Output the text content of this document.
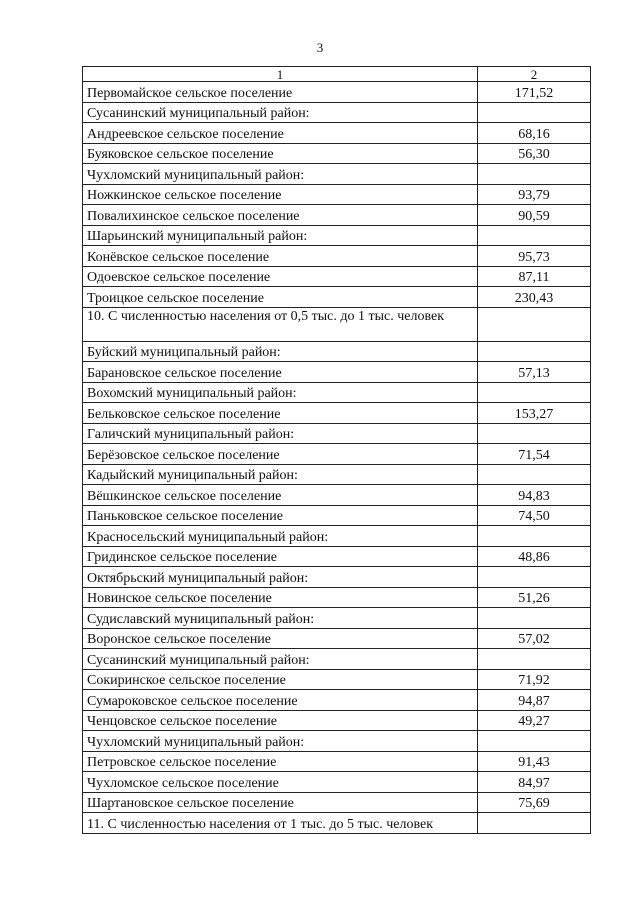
3
1	2
Первомайское сельское поселение	171,52
Сусанинский муниципальный район:	
Андреевское сельское поселение	68,16
Буяковское сельское поселение	56,30
Чухломский муниципальный район:	
Ножкинское сельское поселение	93,79
Повалихинское сельское поселение	90,59
Шарьинский муниципальный район:	
Конёвское сельское поселение	95,73
Одоевское сельское поселение	87,11
Троицкое сельское поселение	230,43
10. С численностью населения от 0,5 тыс. до 1 тыс. человек	
Буйский муниципальный район:	
Барановское сельское поселение	57,13
Вохомский муниципальный район:	
Бельковское сельское поселение	153,27
Галичский муниципальный район:	
Берёзовское сельское поселение	71,54
Кадыйский муниципальный район:	
Вёшкинское сельское поселение	94,83
Паньковское сельское поселение	74,50
Красносельский муниципальный район:	
Гридинское сельское поселение	48,86
Октябрьский муниципальный район:	
Новинское сельское поселение	51,26
Судиславский муниципальный район:	
Воронское сельское поселение	57,02
Сусанинский муниципальный район:	
Сокиринское сельское поселение	71,92
Сумароковское сельское поселение	94,87
Ченцовское сельское поселение	49,27
Чухломский муниципальный район:	
Петровское сельское поселение	91,43
Чухломское сельское поселение	84,97
Шартановское сельское поселение	75,69
11. С численностью населения от 1 тыс. до 5 тыс. человек	
